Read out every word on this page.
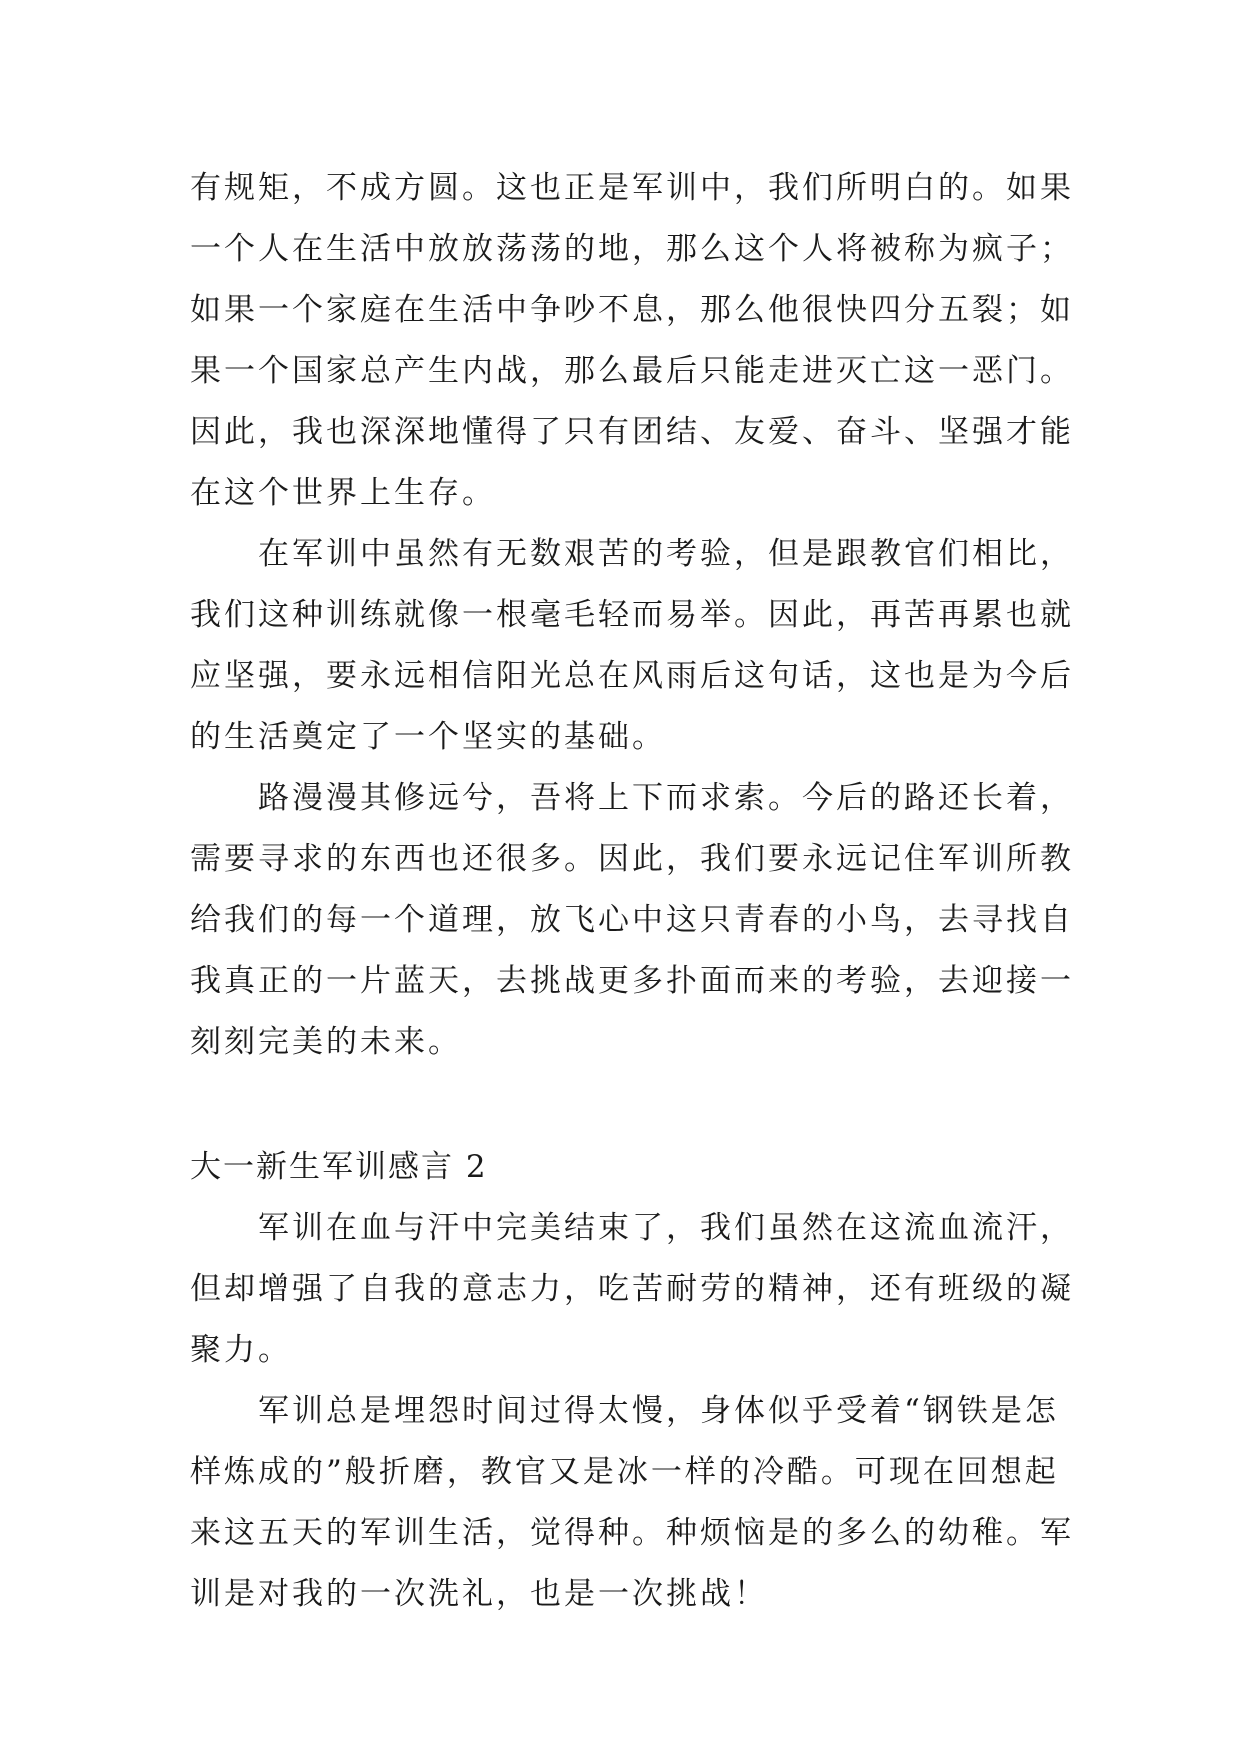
有规矩，不成方圆。这也正是军训中，我们所明白的。如果
一个人在生活中放放荡荡的地，那么这个人将被称为疯子；
如果一个家庭在生活中争吵不息，那么他很快四分五裂；如
果一个国家总产生内战，那么最后只能走进灭亡这一恶门。
因此，我也深深地懂得了只有团结、友爱、奋斗、坚强才能
在这个世界上生存。
在军训中虽然有无数艰苦的考验，但是跟教官们相比，
我们这种训练就像一根毫毛轻而易举。因此，再苦再累也就
应坚强，要永远相信阳光总在风雨后这句话，这也是为今后
的生活奠定了一个坚实的基础。
路漫漫其修远兮，吾将上下而求索。今后的路还长着，
需要寻求的东西也还很多。因此，我们要永远记住军训所教
给我们的每一个道理，放飞心中这只青春的小鸟，去寻找自
我真正的一片蓝天，去挑战更多扑面而来的考验，去迎接一
刻刻完美的未来。
大一新生军训感言 2
军训在血与汗中完美结束了，我们虽然在这流血流汗，
但却增强了自我的意志力，吃苦耐劳的精神，还有班级的凝
聚力。
军训总是埋怨时间过得太慢，身体似乎受着“钢铁是怎
样炼成的”般折磨，教官又是冰一样的冷酷。可现在回想起
来这五天的军训生活，觉得种。种烦恼是的多么的幼稚。军
训是对我的一次洗礼，也是一次挑战！
